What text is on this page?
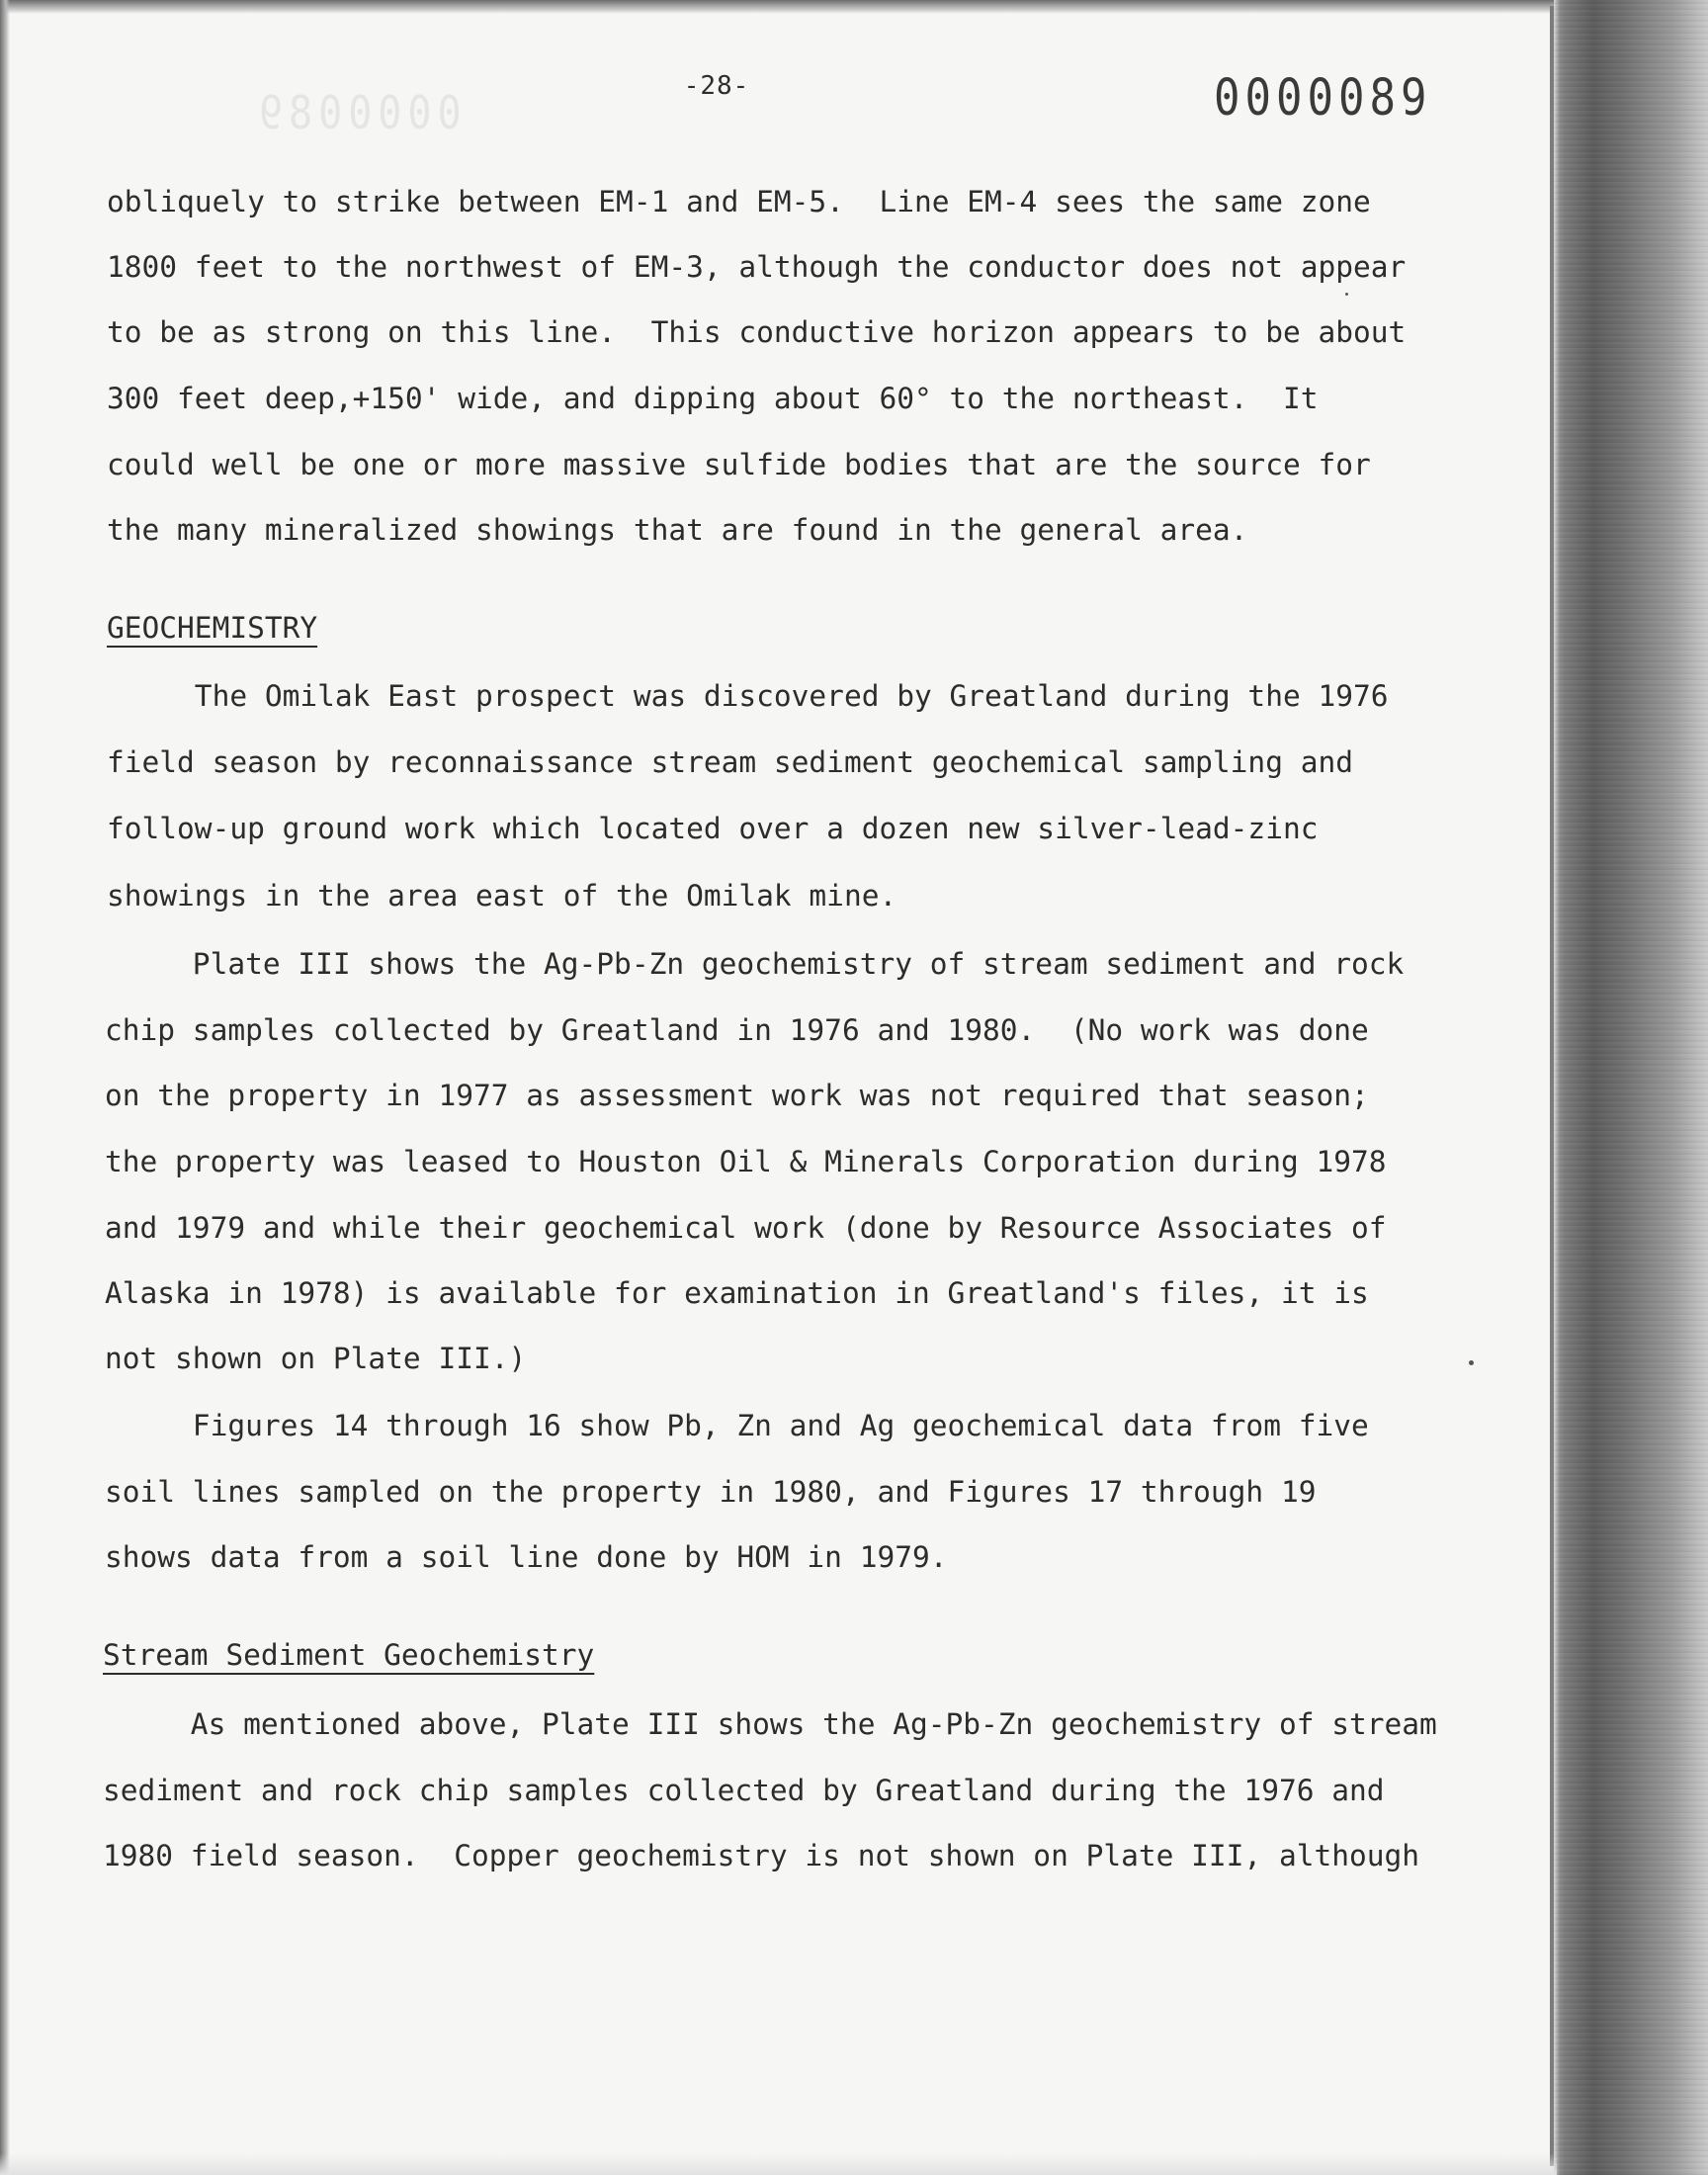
0000089
-28-	0000089
obliquely to strike between EM-1 and EM-5.  Line EM-4 sees the same zone
1800 feet to the northwest of EM-3, although the conductor does not appear
to be as strong on this line.  This conductive horizon appears to be about
300 feet deep,+150' wide, and dipping about 60° to the northeast.  It
could well be one or more massive sulfide bodies that are the source for
the many mineralized showings that are found in the general area.
GEOCHEMISTRY
The Omilak East prospect was discovered by Greatland during the 1976
field season by reconnaissance stream sediment geochemical sampling and
follow-up ground work which located over a dozen new silver-lead-zinc
showings in the area east of the Omilak mine.
Plate III shows the Ag-Pb-Zn geochemistry of stream sediment and rock
chip samples collected by Greatland in 1976 and 1980.  (No work was done
on the property in 1977 as assessment work was not required that season;
the property was leased to Houston Oil & Minerals Corporation during 1978
and 1979 and while their geochemical work (done by Resource Associates of
Alaska in 1978) is available for examination in Greatland's files, it is
not shown on Plate III.)
Figures 14 through 16 show Pb, Zn and Ag geochemical data from five
soil lines sampled on the property in 1980, and Figures 17 through 19
shows data from a soil line done by HOM in 1979.
Stream Sediment Geochemistry
As mentioned above, Plate III shows the Ag-Pb-Zn geochemistry of stream
sediment and rock chip samples collected by Greatland during the 1976 and
1980 field season.  Copper geochemistry is not shown on Plate III, although
